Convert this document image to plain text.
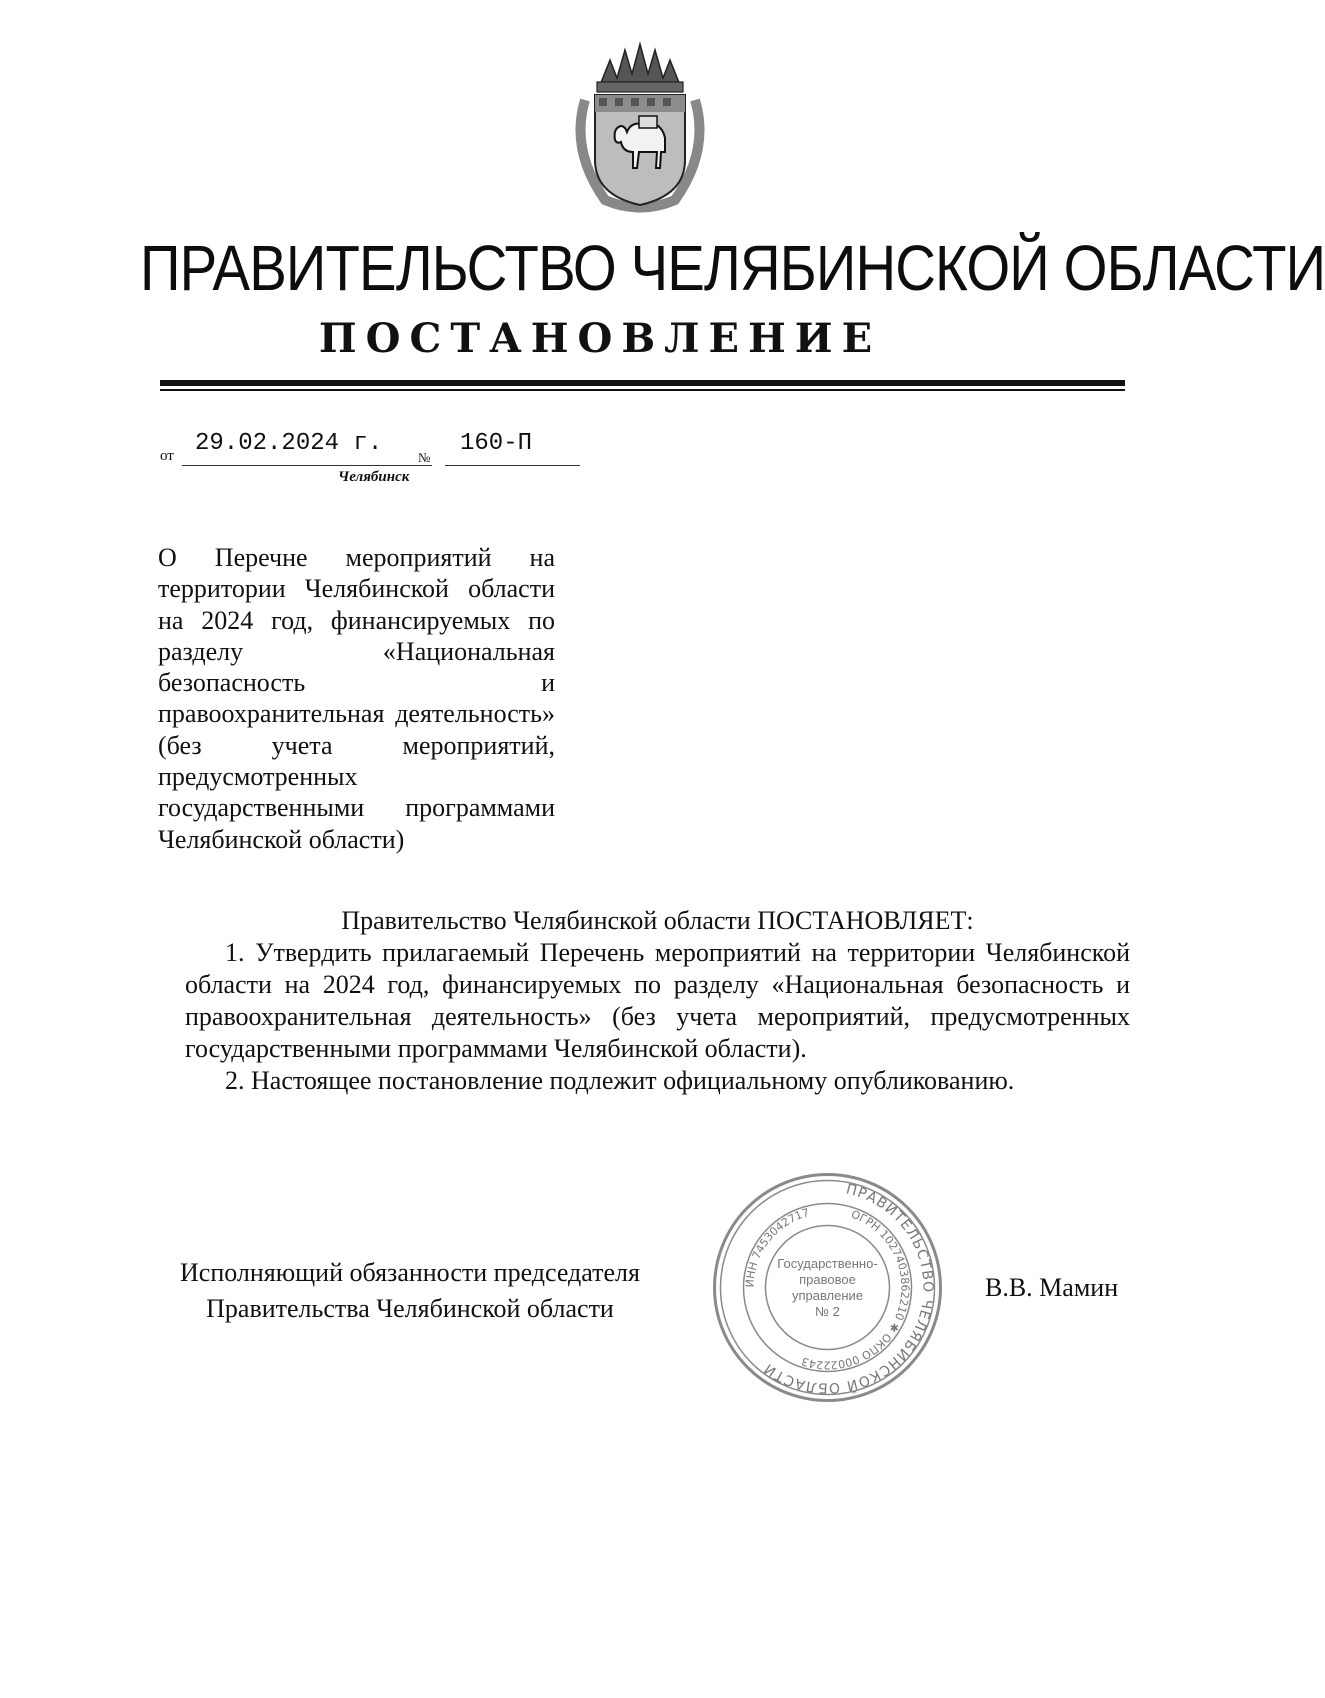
ПРАВИТЕЛЬСТВО ЧЕЛЯБИНСКОЙ ОБЛАСТИ
ПОСТАНОВЛЕНИЕ
от 29.02.2024 г.
№
160-П
Челябинск
О Перечне мероприятий на территории Челябинской области на 2024 год, финансируемых по разделу «Национальная безопасность и правоохранительная деятельность» (без учета мероприятий, предусмотренных государственными программами Челябинской области)

Правительство Челябинской области ПОСТАНОВЛЯЕТ:

1. Утвердить прилагаемый Перечень мероприятий на территории Челябинской области на 2024 год, финансируемых по разделу «Национальная безопасность и правоохранительная деятельность» (без учета мероприятий, предусмотренных государственными программами Челябинской области).

2. Настоящее постановление подлежит официальному опубликованию.

Исполняющий обязанности председателя
Правительства Челябинской области
В.В. Мамин
ПРАВИТЕЛЬСТВО ЧЕЛЯБИНСКОЙ ОБЛАСТИ
ОГРН 1027403862210 ✱ ОКПО 00022243
ИНН 7453042717
Государственно-
правовое
управление
№ 2
